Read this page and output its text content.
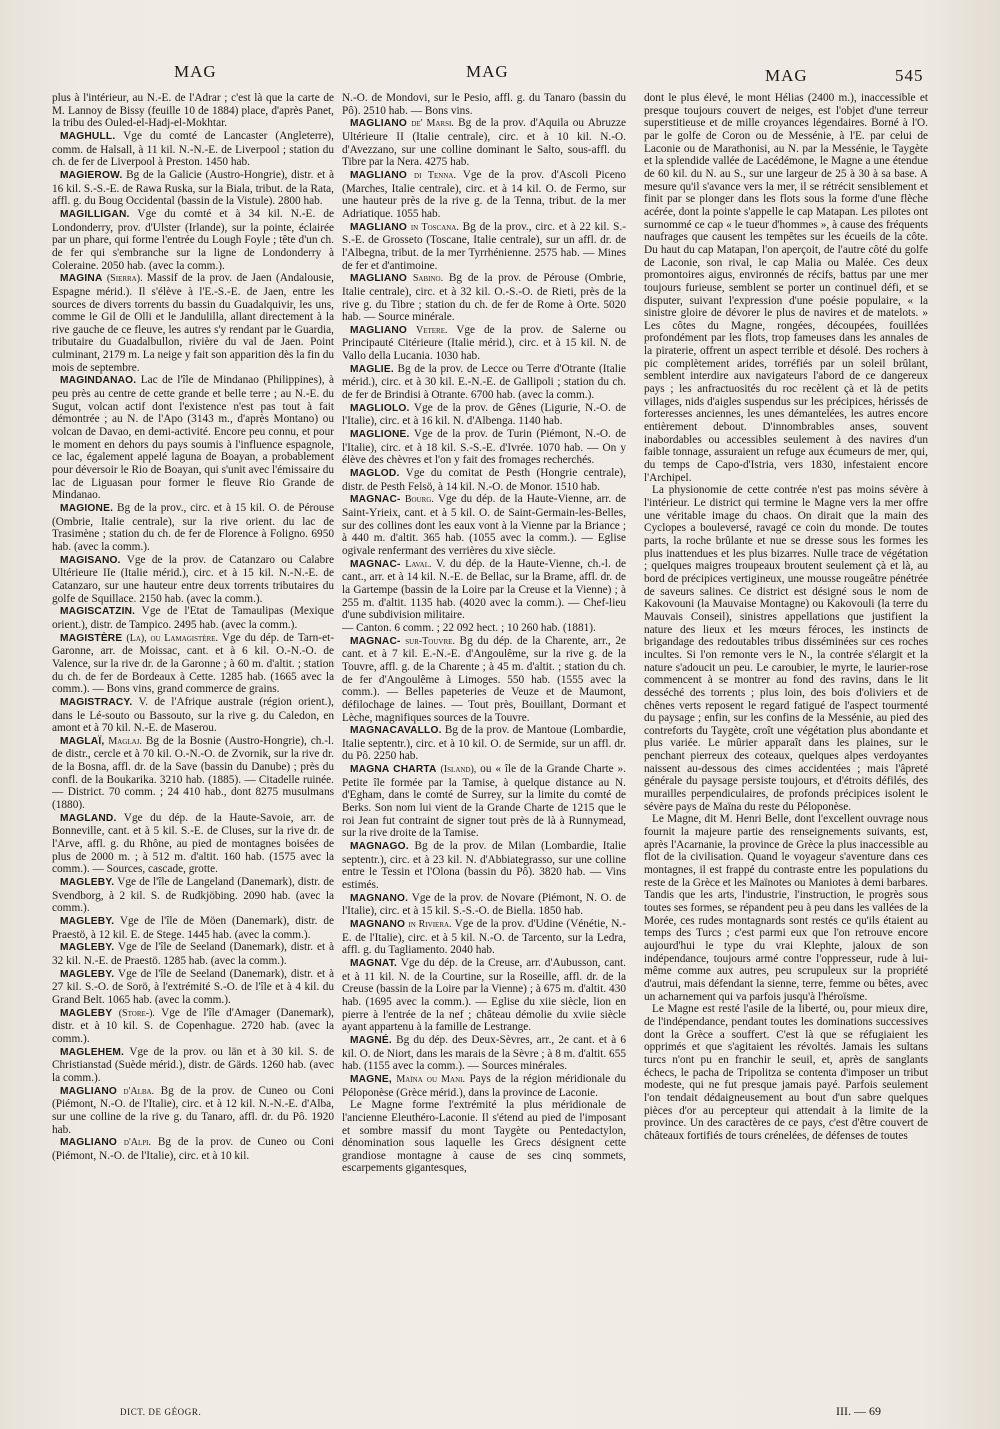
MAG	MAG	MAG	545

plus à l'intérieur, au N.-E. de l'Adrar ; c'est là que la carte de M. Lannoy de Bissy (feuille 10 de 1884) place, d'après Panet, la tribu des Ouled-el-Hadj-el-Mokhtar.

MAGHULL. Vge du comté de Lancaster (Angleterre), comm. de Halsall, à 11 kil. N.-N.-E. de Liverpool ; station du ch. de fer de Liverpool à Preston. 1450 hab.

MAGIEROW. Bg de la Galicie (Austro-Hongrie), distr. et à 16 kil. S.-S.-E. de Rawa Ruska, sur la Biala, tribut. de la Rata, affl. g. du Boug Occidental (bassin de la Vistule). 2800 hab.

MAGILLIGAN. Vge du comté et à 34 kil. N.-E. de Londonderry, prov. d'Ulster (Irlande), sur la pointe, éclairée par un phare, qui forme l'entrée du Lough Foyle ; tête d'un ch. de fer qui s'embranche sur la ligne de Londonderry à Coleraine. 2050 hab. (avec la comm.).

MAGINA (Sierra). Massif de la prov. de Jaen (Andalousie, Espagne mérid.). Il s'élève à l'E.-S.-E. de Jaen, entre les sources de divers torrents du bassin du Guadalquivir, les uns, comme le Gil de Olli et le Jandulilla, allant directement à la rive gauche de ce fleuve, les autres s'y rendant par le Guardia, tributaire du Guadalbullon, rivière du val de Jaen. Point culminant, 2179 m. La neige y fait son apparition dès la fin du mois de septembre.

MAGINDANAO. Lac de l'île de Mindanao (Philippines), à peu près au centre de cette grande et belle terre ; au N.-E. du Sugut, volcan actif dont l'existence n'est pas tout à fait démontrée ; au N. de l'Apo (3143 m., d'après Montano) ou volcan de Davao, en demi-activité. Encore peu connu, et pour le moment en dehors du pays soumis à l'influence espagnole, ce lac, également appelé laguna de Boayan, a probablement pour déversoir le Rio de Boayan, qui s'unit avec l'émissaire du lac de Liguasan pour former le fleuve Rio Grande de Mindanao.

MAGIONE. Bg de la prov., circ. et à 15 kil. O. de Pérouse (Ombrie, Italie centrale), sur la rive orient. du lac de Trasimène ; station du ch. de fer de Florence à Foligno. 6950 hab. (avec la comm.).

MAGISANO. Vge de la prov. de Catanzaro ou Calabre Ultérieure IIe (Italie mérid.), circ. et à 15 kil. N.-N.-E. de Catanzaro, sur une hauteur entre deux torrents tributaires du golfe de Squillace. 2150 hab. (avec la comm.).

MAGISCATZIN. Vge de l'Etat de Tamaulipas (Mexique orient.), distr. de Tampico. 2495 hab. (avec la comm.).

MAGISTÈRE (La), ou Lamagistère. Vge du dép. de Tarn-et-Garonne, arr. de Moissac, cant. et à 6 kil. O.-N.-O. de Valence, sur la rive dr. de la Garonne ; à 60 m. d'altit. ; station du ch. de fer de Bordeaux à Cette. 1285 hab. (1665 avec la comm.). — Bons vins, grand commerce de grains.

MAGISTRACY. V. de l'Afrique australe (région orient.), dans le Lé-souto ou Bassouto, sur la rive g. du Caledon, en amont et à 70 kil. N.-E. de Maserou.

MAGLAÏ, Maglaj. Bg de la Bosnie (Austro-Hongrie), ch.-l. de distr., cercle et à 70 kil. O.-N.-O. de Zvornik, sur la rive dr. de la Bosna, affl. dr. de la Save (bassin du Danube) ; près du confl. de la Boukarika. 3210 hab. (1885). — Citadelle ruinée. — District. 70 comm. ; 24 410 hab., dont 8275 musulmans (1880).

MAGLAND. Vge du dép. de la Haute-Savoie, arr. de Bonneville, cant. et à 5 kil. S.-E. de Cluses, sur la rive dr. de l'Arve, affl. g. du Rhône, au pied de montagnes boisées de plus de 2000 m. ; à 512 m. d'altit. 160 hab. (1575 avec la comm.). — Sources, cascade, grotte.

MAGLEBY. Vge de l'île de Langeland (Danemark), distr. de Svendborg, à 2 kil. S. de Rudkjöbing. 2090 hab. (avec la comm.).

MAGLEBY. Vge de l'île de Möen (Danemark), distr. de Praestö, à 12 kil. E. de Stege. 1445 hab. (avec la comm.).

MAGLEBY. Vge de l'île de Seeland (Danemark), distr. et à 32 kil. N.-E. de Praestö. 1285 hab. (avec la comm.).

MAGLEBY. Vge de l'île de Seeland (Danemark), distr. et à 27 kil. S.-O. de Sorö, à l'extrémité S.-O. de l'île et à 4 kil. du Grand Belt. 1065 hab. (avec la comm.).

MAGLEBY (Store-). Vge de l'île d'Amager (Danemark), distr. et à 10 kil. S. de Copenhague. 2720 hab. (avec la comm.).

MAGLEHEM. Vge de la prov. ou län et à 30 kil. S. de Christianstad (Suède mérid.), distr. de Gärds. 1260 hab. (avec la comm.).

MAGLIANO d'Alba. Bg de la prov. de Cuneo ou Coni (Piémont, N.-O. de l'Italie), circ. et à 12 kil. N.-N.-E. d'Alba, sur une colline de la rive g. du Tanaro, affl. dr. du Pô. 1920 hab.

MAGLIANO d'Alpi. Bg de la prov. de Cuneo ou Coni (Piémont, N.-O. de l'Italie), circ. et à 10 kil.

N.-O. de Mondovi, sur le Pesio, affl. g. du Tanaro (bassin du Pô). 2510 hab. — Bons vins.

MAGLIANO de' Marsi. Bg de la prov. d'Aquila ou Abruzze Ultérieure II (Italie centrale), circ. et à 10 kil. N.-O. d'Avezzano, sur une colline dominant le Salto, sous-affl. du Tibre par la Nera. 4275 hab.

MAGLIANO di Tenna. Vge de la prov. d'Ascoli Piceno (Marches, Italie centrale), circ. et à 14 kil. O. de Fermo, sur une hauteur près de la rive g. de la Tenna, tribut. de la mer Adriatique. 1055 hab.

MAGLIANO in Toscana. Bg de la prov., circ. et à 22 kil. S.-S.-E. de Grosseto (Toscane, Italie centrale), sur un affl. dr. de l'Albegna, tribut. de la mer Tyrrhénienne. 2575 hab. — Mines de fer et d'antimoine.

MAGLIANO Sabino. Bg de la prov. de Pérouse (Ombrie, Italie centrale), circ. et à 32 kil. O.-S.-O. de Rieti, près de la rive g. du Tibre ; station du ch. de fer de Rome à Orte. 5020 hab. — Source minérale.

MAGLIANO Vetere. Vge de la prov. de Salerne ou Principauté Citérieure (Italie mérid.), circ. et à 15 kil. N. de Vallo della Lucania. 1030 hab.

MAGLIE. Bg de la prov. de Lecce ou Terre d'Otrante (Italie mérid.), circ. et à 30 kil. E.-N.-E. de Gallipoli ; station du ch. de fer de Brindisi à Otrante. 6700 hab. (avec la comm.).

MAGLIOLO. Vge de la prov. de Gênes (Ligurie, N.-O. de l'Italie), circ. et à 16 kil. N. d'Albenga. 1140 hab.

MAGLIONE. Vge de la prov. de Turin (Piémont, N.-O. de l'Italie), circ. et à 18 kil. S.-S.-E. d'Ivrée. 1070 hab. — On y élève des chèvres et l'on y fait des fromages recherchés.

MAGLOD. Vge du comitat de Pesth (Hongrie centrale), distr. de Pesth Felsö, à 14 kil. N.-O. de Monor. 1510 hab.

MAGNAC- Bourg. Vge du dép. de la Haute-Vienne, arr. de Saint-Yrieix, cant. et à 5 kil. O. de Saint-Germain-les-Belles, sur des collines dont les eaux vont à la Vienne par la Briance ; à 440 m. d'altit. 365 hab. (1055 avec la comm.). — Eglise ogivale renfermant des verrières du xive siècle.

MAGNAC- Laval. V. du dép. de la Haute-Vienne, ch.-l. de cant., arr. et à 14 kil. N.-E. de Bellac, sur la Brame, affl. dr. de la Gartempe (bassin de la Loire par la Creuse et la Vienne) ; à 255 m. d'altit. 1135 hab. (4020 avec la comm.). — Chef-lieu d'une subdivision militaire.

— Canton. 6 comm. ; 22 092 hect. ; 10 260 hab. (1881).

MAGNAC- sur-Touvre. Bg du dép. de la Charente, arr., 2e cant. et à 7 kil. E.-N.-E. d'Angoulême, sur la rive g. de la Touvre, affl. g. de la Charente ; à 45 m. d'altit. ; station du ch. de fer d'Angoulême à Limoges. 550 hab. (1555 avec la comm.). — Belles papeteries de Veuze et de Maumont, défilochage de laines. — Tout près, Bouillant, Dormant et Lèche, magnifiques sources de la Touvre.

MAGNACAVALLO. Bg de la prov. de Mantoue (Lombardie, Italie septentr.), circ. et à 10 kil. O. de Sermide, sur un affl. dr. du Pô. 2250 hab.

MAGNA CHARTA (Island), ou « île de la Grande Charte ». Petite île formée par la Tamise, à quelque distance au N. d'Egham, dans le comté de Surrey, sur la limite du comté de Berks. Son nom lui vient de la Grande Charte de 1215 que le roi Jean fut contraint de signer tout près de là à Runnymead, sur la rive droite de la Tamise.

MAGNAGO. Bg de la prov. de Milan (Lombardie, Italie septentr.), circ. et à 23 kil. N. d'Abbiategrasso, sur une colline entre le Tessin et l'Olona (bassin du Pô). 3820 hab. — Vins estimés.

MAGNANO. Vge de la prov. de Novare (Piémont, N. O. de l'Italie), circ. et à 15 kil. S.-S.-O. de Biella. 1850 hab.

MAGNANO in Riviera. Vge de la prov. d'Udine (Vénétie, N.-E. de l'Italie), circ. et à 5 kil. N.-O. de Tarcento, sur la Ledra, affl. g. du Tagliamento. 2040 hab.

MAGNAT. Vge du dép. de la Creuse, arr. d'Aubusson, cant. et à 11 kil. N. de la Courtine, sur la Roseille, affl. dr. de la Creuse (bassin de la Loire par la Vienne) ; à 675 m. d'altit. 430 hab. (1695 avec la comm.). — Eglise du xiie siècle, lion en pierre à l'entrée de la nef ; château démolie du xviie siècle ayant appartenu à la famille de Lestrange.

MAGNÉ. Bg du dép. des Deux-Sèvres, arr., 2e cant. et à 6 kil. O. de Niort, dans les marais de la Sèvre ; à 8 m. d'altit. 655 hab. (1155 avec la comm.). — Sources minérales.

MAGNE, Maïna ou Mani. Pays de la région méridionale du Péloponèse (Grèce mérid.), dans la province de Laconie.

Le Magne forme l'extrémité la plus méridionale de l'ancienne Eleuthéro-Laconie. Il s'étend au pied de l'imposant et sombre massif du mont Taygète ou Pentedactylon, dénomination sous laquelle les Grecs désignent cette grandiose montagne à cause de ses cinq sommets, escarpements gigantesques,

dont le plus élevé, le mont Hélias (2400 m.), inaccessible et presque toujours couvert de neiges, est l'objet d'une terreur superstitieuse et de mille croyances légendaires. Borné à l'O. par le golfe de Coron ou de Messénie, à l'E. par celui de Laconie ou de Marathonisi, au N. par la Messénie, le Taygète et la splendide vallée de Lacédémone, le Magne a une étendue de 60 kil. du N. au S., sur une largeur de 25 à 30 à sa base. A mesure qu'il s'avance vers la mer, il se rétrécit sensiblement et finit par se plonger dans les flots sous la forme d'une flèche acérée, dont la pointe s'appelle le cap Matapan. Les pilotes ont surnommé ce cap « le tueur d'hommes », à cause des fréquents naufrages que causent les tempêtes sur les écueils de la côte. Du haut du cap Matapan, l'on aperçoit, de l'autre côté du golfe de Laconie, son rival, le cap Malia ou Malée. Ces deux promontoires aigus, environnés de récifs, battus par une mer toujours furieuse, semblent se porter un continuel défi, et se disputer, suivant l'expression d'une poésie populaire, « la sinistre gloire de dévorer le plus de navires et de matelots. » Les côtes du Magne, rongées, découpées, fouillées profondément par les flots, trop fameuses dans les annales de la piraterie, offrent un aspect terrible et désolé. Des rochers à pic complètement arides, torréfiés par un soleil brûlant, semblent interdire aux navigateurs l'abord de ce dangereux pays ; les anfractuosités du roc recèlent çà et là de petits villages, nids d'aigles suspendus sur les précipices, hérissés de forteresses anciennes, les unes démantelées, les autres encore entièrement debout. D'innombrables anses, souvent inabordables ou accessibles seulement à des navires d'un faible tonnage, assuraient un refuge aux écumeurs de mer, qui, du temps de Capo-d'Istria, vers 1830, infestaient encore l'Archipel.

La physionomie de cette contrée n'est pas moins sévère à l'intérieur. Le district qui termine le Magne vers la mer offre une véritable image du chaos. On dirait que la main des Cyclopes a bouleversé, ravagé ce coin du monde. De toutes parts, la roche brûlante et nue se dresse sous les formes les plus inattendues et les plus bizarres. Nulle trace de végétation ; quelques maigres troupeaux broutent seulement çà et là, au bord de précipices vertigineux, une mousse rougeâtre pénétrée de saveurs salines. Ce district est désigné sous le nom de Kakovouni (la Mauvaise Montagne) ou Kakovouli (la terre du Mauvais Conseil), sinistres appellations que justifient la nature des lieux et les mœurs féroces, les instincts de brigandage des redoutables tribus disséminées sur ces roches incultes. Si l'on remonte vers le N., la contrée s'élargit et la nature s'adoucit un peu. Le caroubier, le myrte, le laurier-rose commencent à se montrer au fond des ravins, dans le lit desséché des torrents ; plus loin, des bois d'oliviers et de chênes verts reposent le regard fatigué de l'aspect tourmenté du paysage ; enfin, sur les confins de la Messénie, au pied des contreforts du Taygète, croît une végétation plus abondante et plus variée. Le mûrier apparaît dans les plaines, sur le penchant pierreux des coteaux, quelques alpes verdoyantes naissent au-dessous des cimes accidentées ; mais l'âpreté générale du paysage persiste toujours, et d'étroits défilés, des murailles perpendiculaires, de profonds précipices isolent le sévère pays de Maïna du reste du Péloponèse.

Le Magne, dit M. Henri Belle, dont l'excellent ouvrage nous fournit la majeure partie des renseignements suivants, est, après l'Acarnanie, la province de Grèce la plus inaccessible au flot de la civilisation. Quand le voyageur s'aventure dans ces montagnes, il est frappé du contraste entre les populations du reste de la Grèce et les Maïnotes ou Maniotes à demi barbares. Tandis que les arts, l'industrie, l'instruction, le progrès sous toutes ses formes, se répandent peu à peu dans les vallées de la Morée, ces rudes montagnards sont restés ce qu'ils étaient au temps des Turcs ; c'est parmi eux que l'on retrouve encore aujourd'hui le type du vrai Klephte, jaloux de son indépendance, toujours armé contre l'oppresseur, rude à lui-même comme aux autres, peu scrupuleux sur la propriété d'autrui, mais défendant la sienne, terre, femme ou bêtes, avec un acharnement qui va parfois jusqu'à l'héroïsme.

Le Magne est resté l'asile de la liberté, ou, pour mieux dire, de l'indépendance, pendant toutes les dominations successives dont la Grèce a souffert. C'est là que se réfugiaient les opprimés et que s'agitaient les révoltés. Jamais les sultans turcs n'ont pu en franchir le seuil, et, après de sanglants échecs, le pacha de Tripolitza se contenta d'imposer un tribut modeste, qui ne fut presque jamais payé. Parfois seulement l'on tendait dédaigneusement au bout d'un sabre quelques pièces d'or au percepteur qui attendait à la limite de la province. Un des caractères de ce pays, c'est d'être couvert de châteaux fortifiés de tours crénelées, de défenses de toutes

DICT. DE GÉOGR.	III. — 69
